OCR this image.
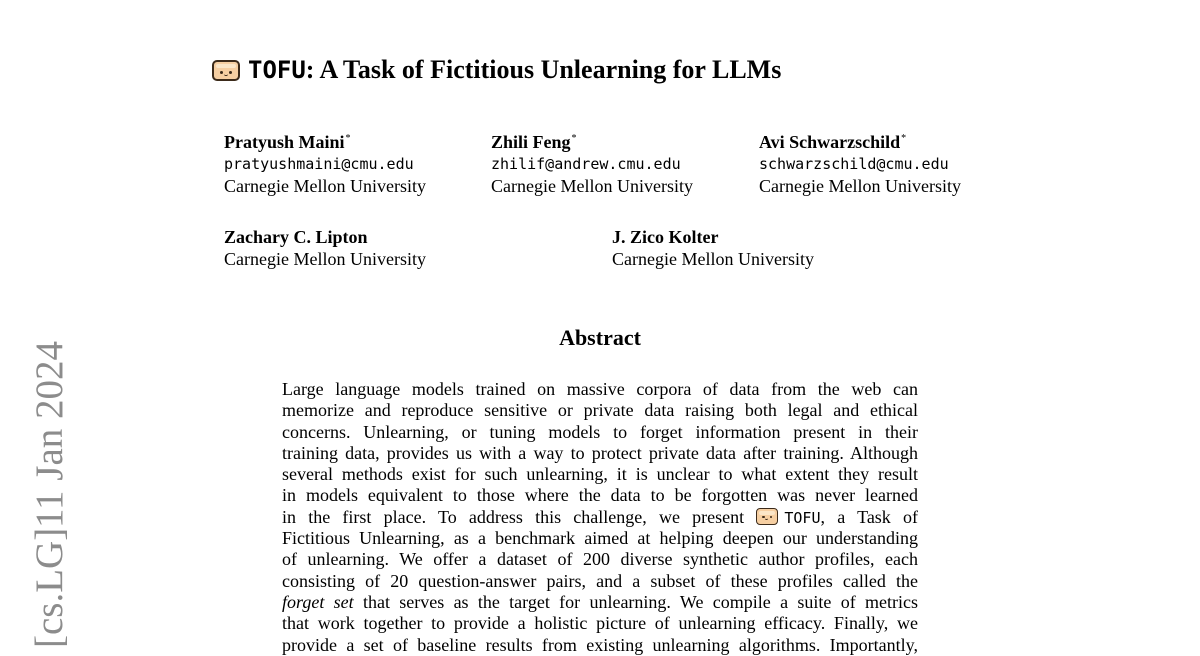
[cs.LG]11 Jan 2024
TOFU : A Task of Fictitious Unlearning for LLMs
Pratyush Maini*
pratyushmaini@cmu.edu
Carnegie Mellon University
Zhili Feng*
zhilif@andrew.cmu.edu
Carnegie Mellon University
Avi Schwarzschild*
schwarzschild@cmu.edu
Carnegie Mellon University
Zachary C. Lipton
Carnegie Mellon University
J. Zico Kolter
Carnegie Mellon University
Abstract
Large language models trained on massive corpora of data from the web can
memorize and reproduce sensitive or private data raising both legal and ethical
concerns. Unlearning, or tuning models to forget information present in their
training data, provides us with a way to protect private data after training. Although
several methods exist for such unlearning, it is unclear to what extent they result
in models equivalent to those where the data to be forgotten was never learned
in the first place. To address this challenge, we present	TOFU, a Task of
Fictitious Unlearning, as a benchmark aimed at helping deepen our understanding
of unlearning. We offer a dataset of 200 diverse synthetic author profiles, each
consisting of 20 question-answer pairs, and a subset of these profiles called the
forget set that serves as the target for unlearning. We compile a suite of metrics
that work together to provide a holistic picture of unlearning efficacy. Finally, we
provide a set of baseline results from existing unlearning algorithms. Importantly,
